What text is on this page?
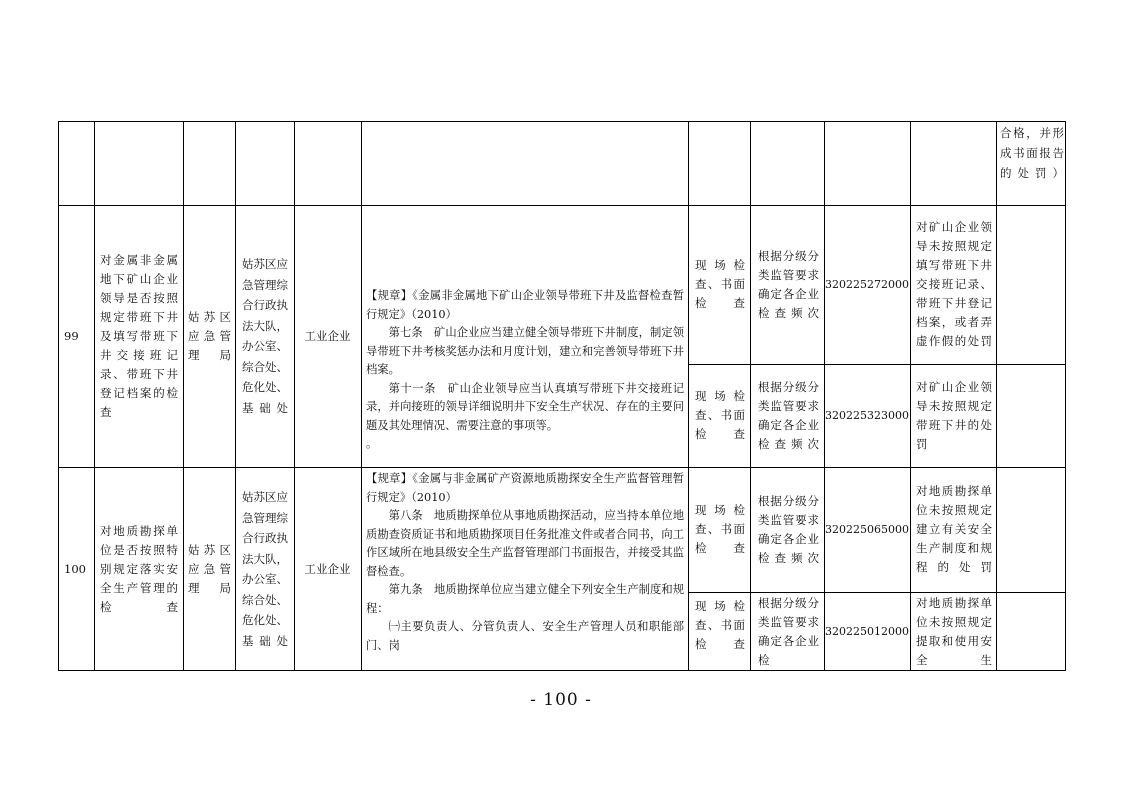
合格，并形成书面报告的处罚）
99
对金属非金属地下矿山企业领导是否按照规定带班下井及填写带班下井交接班记录、带班下井登记档案的检查
姑苏区应急管理局
姑苏区应急管理综合行政执法大队，办公室、综合处、危化处、基础处
工业企业

【规章】《金属非金属地下矿山企业领导带班下井及监督检查暂行规定》（2010）

第七条　矿山企业应当建立健全领导带班下井制度，制定领导带班下井考核奖惩办法和月度计划，建立和完善领导带班下井档案。

第十一条　矿山企业领导应当认真填写带班下井交接班记录，并向接班的领导详细说明井下安全生产状况、存在的主要问题及其处理情况、需要注意的事项等。

。

现场检查、书面检查
根据分级分类监管要求确定各企业检查频次
320225272000
对矿山企业领导未按照规定填写带班下井交接班记录、带班下井登记档案，或者弄虚作假的处罚
现场检查、书面检查
根据分级分类监管要求确定各企业检查频次
320225323000
对矿山企业领导未按照规定带班下井的处罚
100
对地质勘探单位是否按照特别规定落实安全生产管理的检查
姑苏区应急管理局
姑苏区应急管理综合行政执法大队，办公室、综合处、危化处、基础处
工业企业

【规章】《金属与非金属矿产资源地质勘探安全生产监督管理暂行规定》（2010）

第八条　地质勘探单位从事地质勘探活动，应当持本单位地质勘查资质证书和地质勘探项目任务批准文件或者合同书，向工作区域所在地县级安全生产监督管理部门书面报告，并接受其监督检查。

第九条　地质勘探单位应当建立健全下列安全生产制度和规程：

㈠主要负责人、分管负责人、安全生产管理人员和职能部门、岗

现场检查、书面检查
根据分级分类监管要求确定各企业检查频次
320225065000
对地质勘探单位未按照规定建立有关安全生产制度和规程的处罚
现场检查、书面检查
根据分级分类监管要求确定各企业检
320225012000
对地质勘探单位未按照规定提取和使用安全生
- 100 -
